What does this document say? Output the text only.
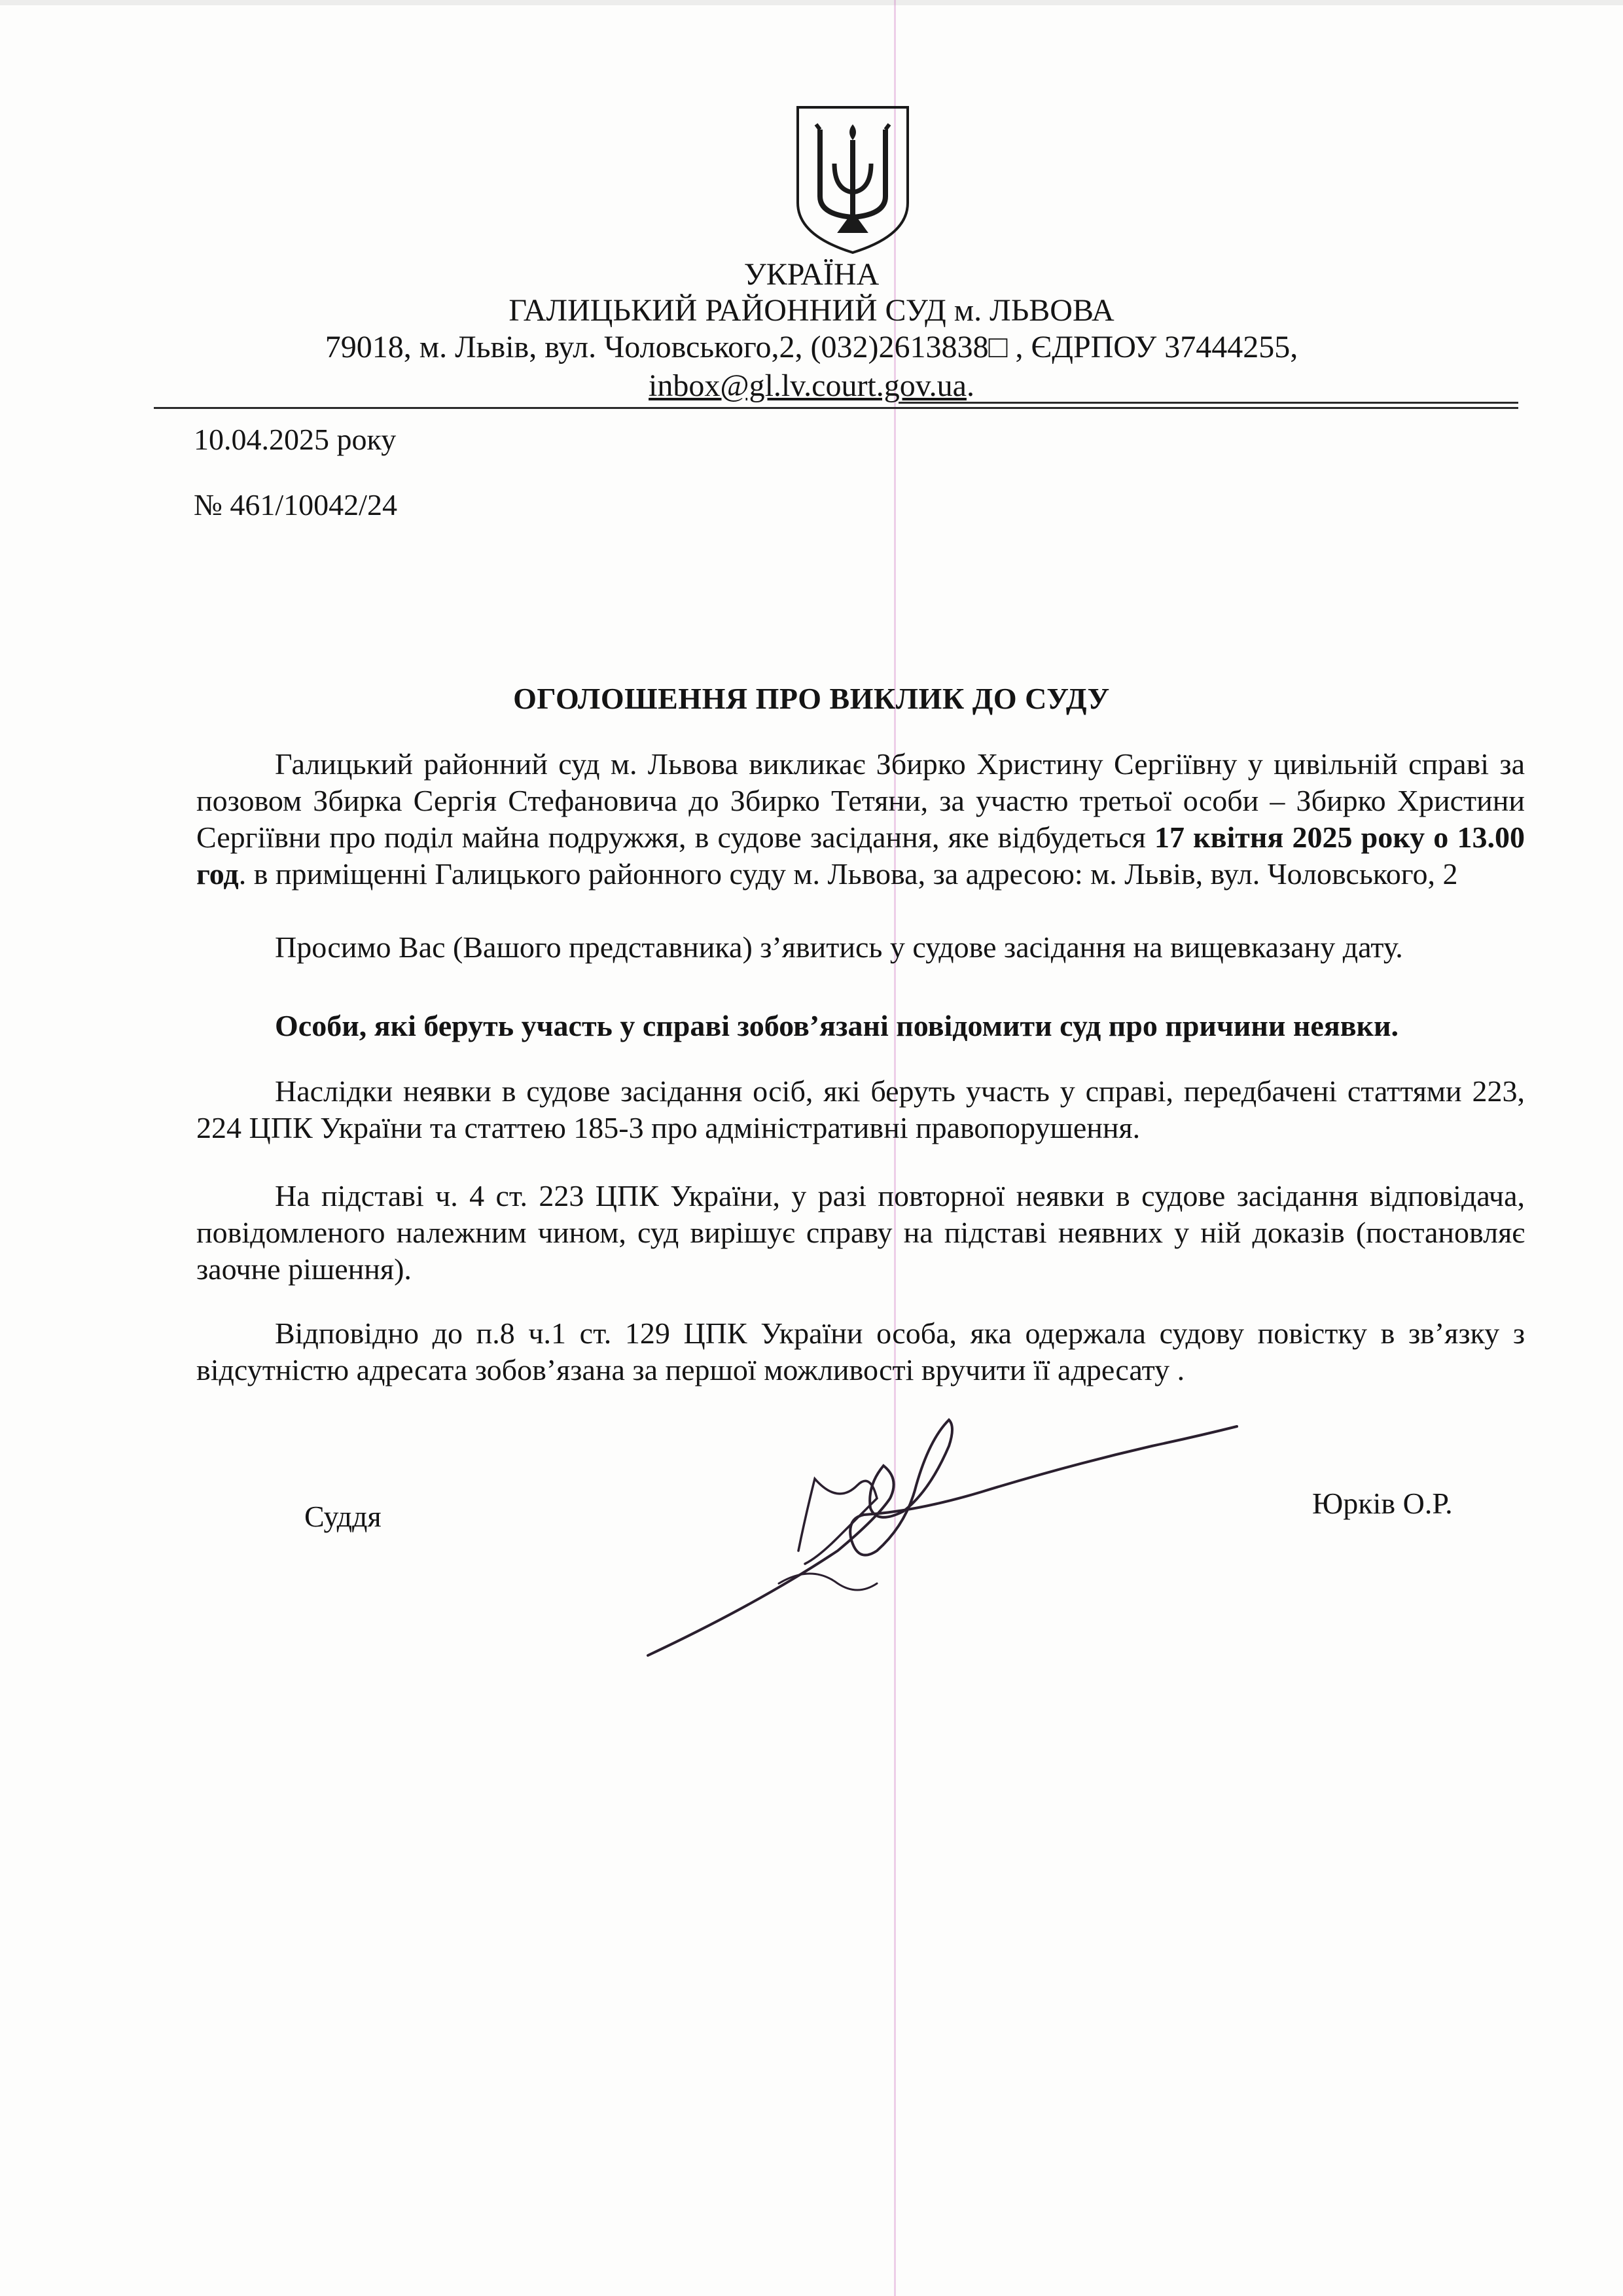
УКРАЇНА
ГАЛИЦЬКИЙ РАЙОННИЙ СУД м. ЛЬВОВА
79018, м. Львів, вул. Чоловського,2, (032)2613838□ , ЄДРПОУ 37444255,
inbox@gl.lv.court.gov.ua.
10.04.2025 року
№ 461/10042/24
ОГОЛОШЕННЯ ПРО ВИКЛИК ДО СУДУ

Галицький районний суд м. Львова викликає Збирко Христину Сергіївну у цивільній справі за позовом Збирка Сергія Стефановича до Збирко Тетяни, за участю третьої особи – Збирко Христини Сергіївни про поділ майна подружжя, в судове засідання, яке відбудеться 17 квітня 2025 року о 13.00 год. в приміщенні Галицького районного суду м. Львова, за адресою: м. Львів, вул. Чоловського, 2

Просимо Вас (Вашого представника) з’явитись у судове засідання на вищевказану дату.

Особи, які беруть участь у справі зобов’язані повідомити суд про причини неявки.

Наслідки неявки в судове засідання осіб, які беруть участь у справі, передбачені статтями 223, 224 ЦПК України та статтею 185-3 про адміністративні правопорушення.

На підставі ч. 4 ст. 223 ЦПК України, у разі повторної неявки в судове засідання відповідача, повідомленого належним чином, суд вирішує справу на підставі неявних у ній доказів (постановляє заочне рішення).

Відповідно до п.8 ч.1 ст. 129 ЦПК України особа, яка одержала судову повістку в зв’язку з відсутністю адресата зобов’язана за першої можливості вручити її адресату .

Суддя	Юрків О.Р.
